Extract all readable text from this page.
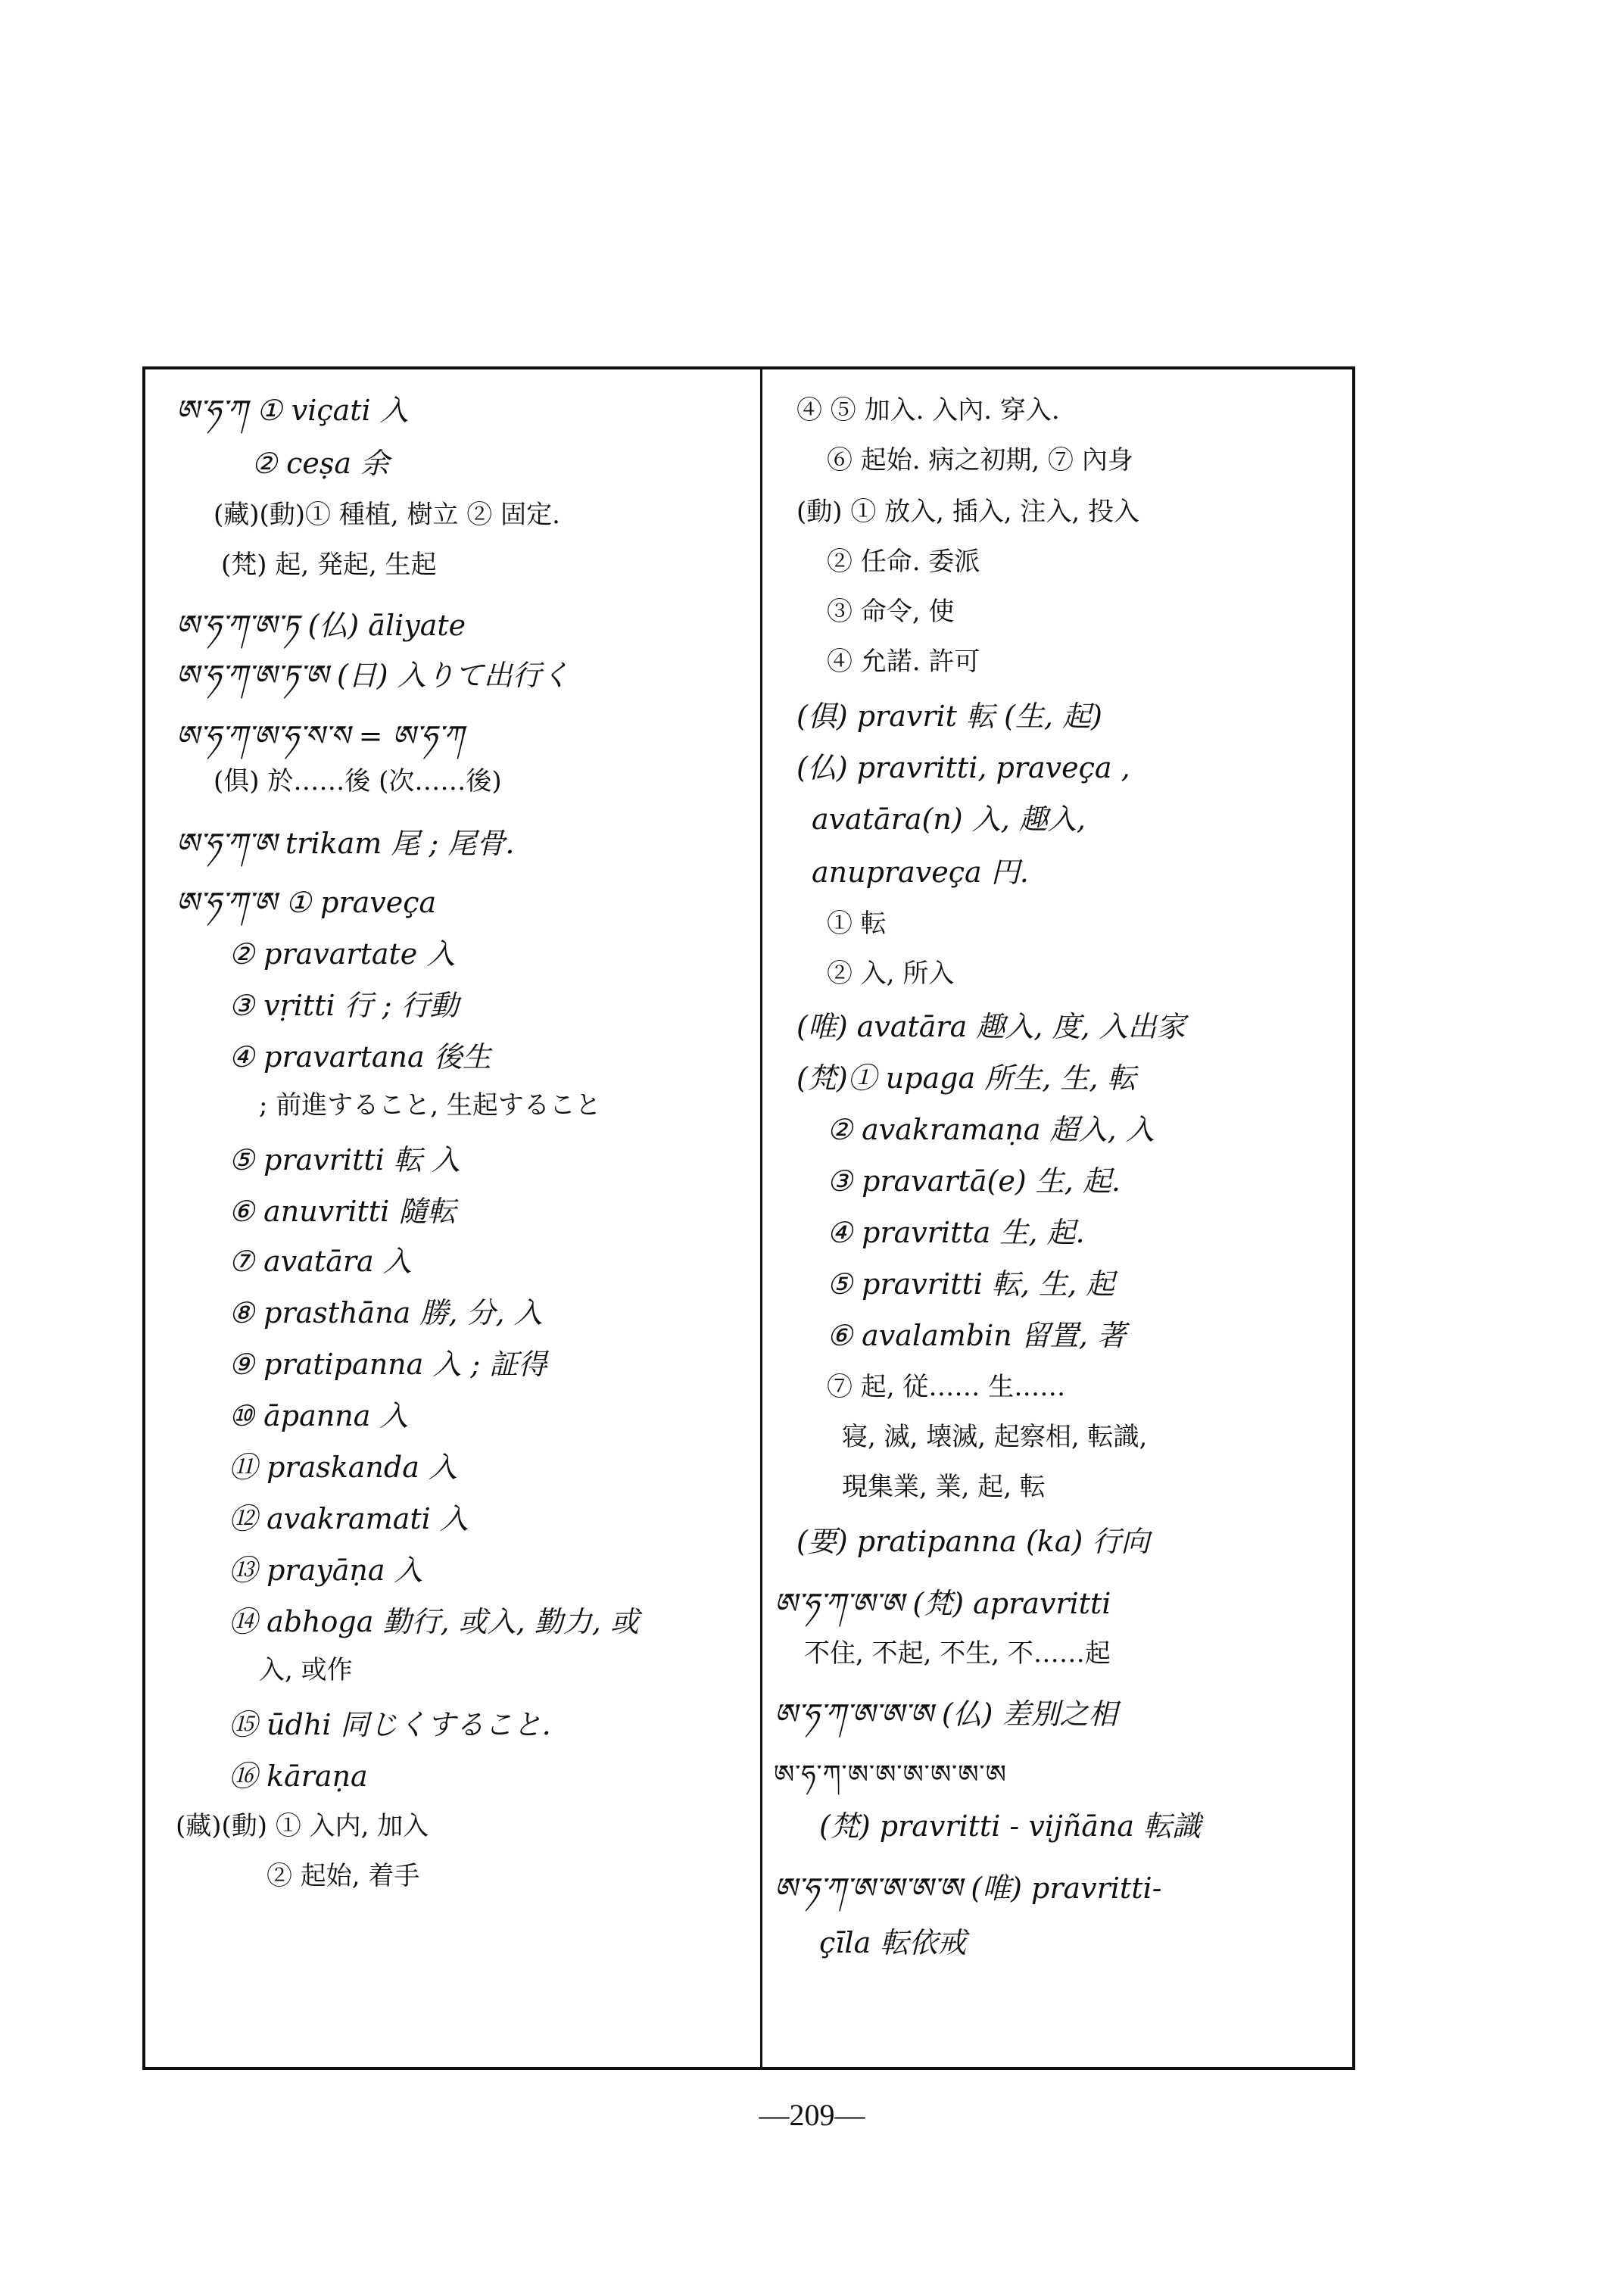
ཨ་ཧ་ཀ ① viçati 入
② ceṣa 余
(藏)(動)① 種植, 樹立 ② 固定.
(梵) 起, 発起, 生起
ཨ་ཧ་ཀ་ཨ་ཏ (仏) āliyate
ཨ་ཧ་ཀ་ཨ་ཏ་ཨ (日) 入りて出行く
ཨ་ཧ་ཀ་ཨ་ཧ་ས་ས = ཨ་ཧ་ཀ
(俱) 於……後 (次……後)
ཨ་ཧ་ཀ་ཨ trikam 尾 ; 尾骨.
ཨ་ཧ་ཀ་ཨ ① praveça
② pravartate 入
③ vṛitti 行 ; 行動
④ pravartana 後生
; 前進すること, 生起すること
⑤ pravritti 転 入
⑥ anuvritti 隨転
⑦ avatāra 入
⑧ prasthāna 勝, 分, 入
⑨ pratipanna 入 ; 証得
⑩ āpanna 入
⑪ praskanda 入
⑫ avakramati 入
⑬ prayāṇa 入
⑭ abhoga 勤行, 或入, 勤力, 或
入, 或作
⑮ ūdhi 同じくすること.
⑯ kāraṇa
(藏)(動) ① 入内, 加入
② 起始, 着手
④ ⑤ 加入. 入內. 穿入.
⑥ 起始. 病之初期, ⑦ 內身
(動) ① 放入, 插入, 注入, 投入
② 任命. 委派
③ 命令, 使
④ 允諾. 許可
(俱) pravrit 転 (生, 起)
(仏) pravritti, praveça ,
avatāra(n) 入, 趣入,
anupraveça 円.
① 転
② 入, 所入
(唯) avatāra 趣入, 度, 入出家
(梵)① upaga 所生, 生, 転
② avakramaṇa 超入, 入
③ pravartā(e) 生, 起.
④ pravritta 生, 起.
⑤ pravritti 転, 生, 起
⑥ avalambin 留置, 著
⑦ 起, 従…… 生……
寝, 滅, 壊滅, 起察相, 転識,
現集業, 業, 起, 転
(要) pratipanna (ka) 行向
ཨ་ཧ་ཀ་ཨ་ཨ (梵) apravritti
不住, 不起, 不生, 不……起
ཨ་ཧ་ཀ་ཨ་ཨ་ཨ (仏) 差別之相
ཨ་ཧ་ཀ་ཨ་ཨ་ཨ་ཨ་ཨ་ཨ
(梵) pravritti - vijñāna 転識
ཨ་ཧ་ཀ་ཨ་ཨ་ཨ་ཨ (唯) pravritti-
çīla 転依戒
—209—
